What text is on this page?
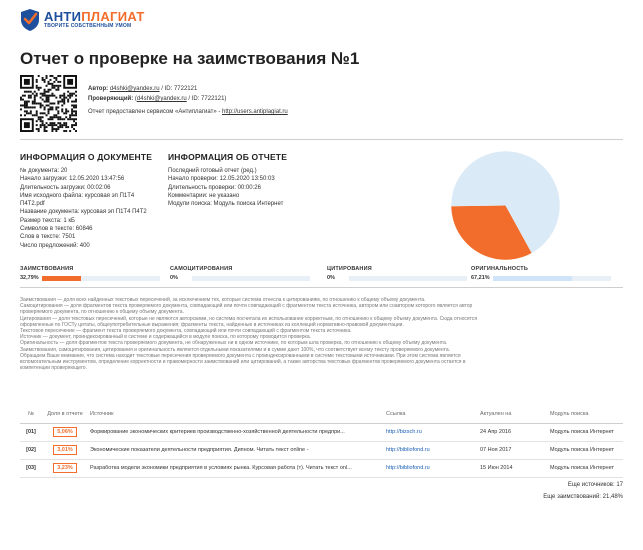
АНТИПЛАГИАТ
ТВОРИТЕ СОБСТВЕННЫМ УМОМ
Отчет о проверке на заимствования №1
Автор: d4shki@yandex.ru / ID: 7722121
Проверяющий: (d4shki@yandex.ru / ID: 7722121)
Отчет предоставлен сервисом «Антиплагиат» - http://users.antiplagiat.ru
ИНФОРМАЦИЯ О ДОКУМЕНТЕ
№ документа: 20
Начало загрузки: 12.05.2020 13:47:56
Длительность загрузки: 00:02:06
Имя исходного файла: курсовая эп П1Т4
П4Т2.pdf
Название документа: курсовая эп П1Т4 П4Т2
Размер текста: 1 кБ
Символов в тексте: 60846
Слов в тексте: 7501
Число предложений: 400
ИНФОРМАЦИЯ ОБ ОТЧЕТЕ
Последний готовый отчет (ред.)
Начало проверки: 12.05.2020 13:50:03
Длительность проверки: 00:00:26
Комментарии: не указано
Модули поиска: Модуль поиска Интернет
ЗАИМСТВОВАНИЯ
32,79%
САМОЦИТИРОВАНИЯ
0%
ЦИТИРОВАНИЯ
0%
ОРИГИНАЛЬНОСТЬ
67,21%
Заимствования — доля всех найденных текстовых пересечений, за исключением тех, которые система отнесла к цитированиям, по отношению к общему объему документа.
Самоцитирования — доля фрагментов текста проверяемого документа, совпадающий или почти совпадающий с фрагментом текста источника, автором или соавтором которого является автор
проверяемого документа, по отношению к общему объему документа.
Цитирования — доля текстовых пересечений, которые не являются авторскими, но система посчитала их использование корректным, по отношению к общему объему документа. Сюда относятся
оформленные по ГОСТу цитаты, общеупотребительные выражения; фрагменты текста, найденные в источниках из коллекций нормативно-правовой документации.
Текстовое пересечение — фрагмент текста проверяемого документа, совпадающий или почти совпадающий с фрагментом текста источника.
Источник — документ, проиндексированный в системе и содержащийся в модуле поиска, по которому проводится проверка.
Оригинальность — доля фрагментов текста проверяемого документа, не обнаруженных ни в одном источнике, по которым шла проверка, по отношению к общему объему документа.
Заимствования, самоцитирования, цитирования и оригинальность являются отдельными показателями и в сумме дают 100%, что соответствует всему тексту проверяемого документа.
Обращаем Ваше внимание, что система находит текстовые пересечения проверяемого документа с проиндексированными в системе текстовыми источниками. При этом система является
вспомогательным инструментом, определение корректности и правомерности заимствований или цитирований, а также авторства текстовых фрагментов проверяемого документа остается в
компетенции проверяющего.
№	Доля в отчете	Источник	Ссылка	Актуален на	Модуль поиска
[01]	5,06%	Формирование экономических критериев производственно-хозяйственной деятельности предпри...	http://bizsch.ru	24 Апр 2016	Модуль поиска Интернет
[02]	3,01%	Экономические показатели деятельности предприятия. Дипном. Читать текст online -	http://bibliofond.ru	07 Ноя 2017	Модуль поиска Интернет
[03]	3,23%	Разработка модели экономики предприятия в условиях рынка. Курсовая работа (т). Читать текст onl...	http://bibliofond.ru	15 Июн 2014	Модуль поиска Интернет
Еще источников: 17
Еще заимствований: 21,48%
